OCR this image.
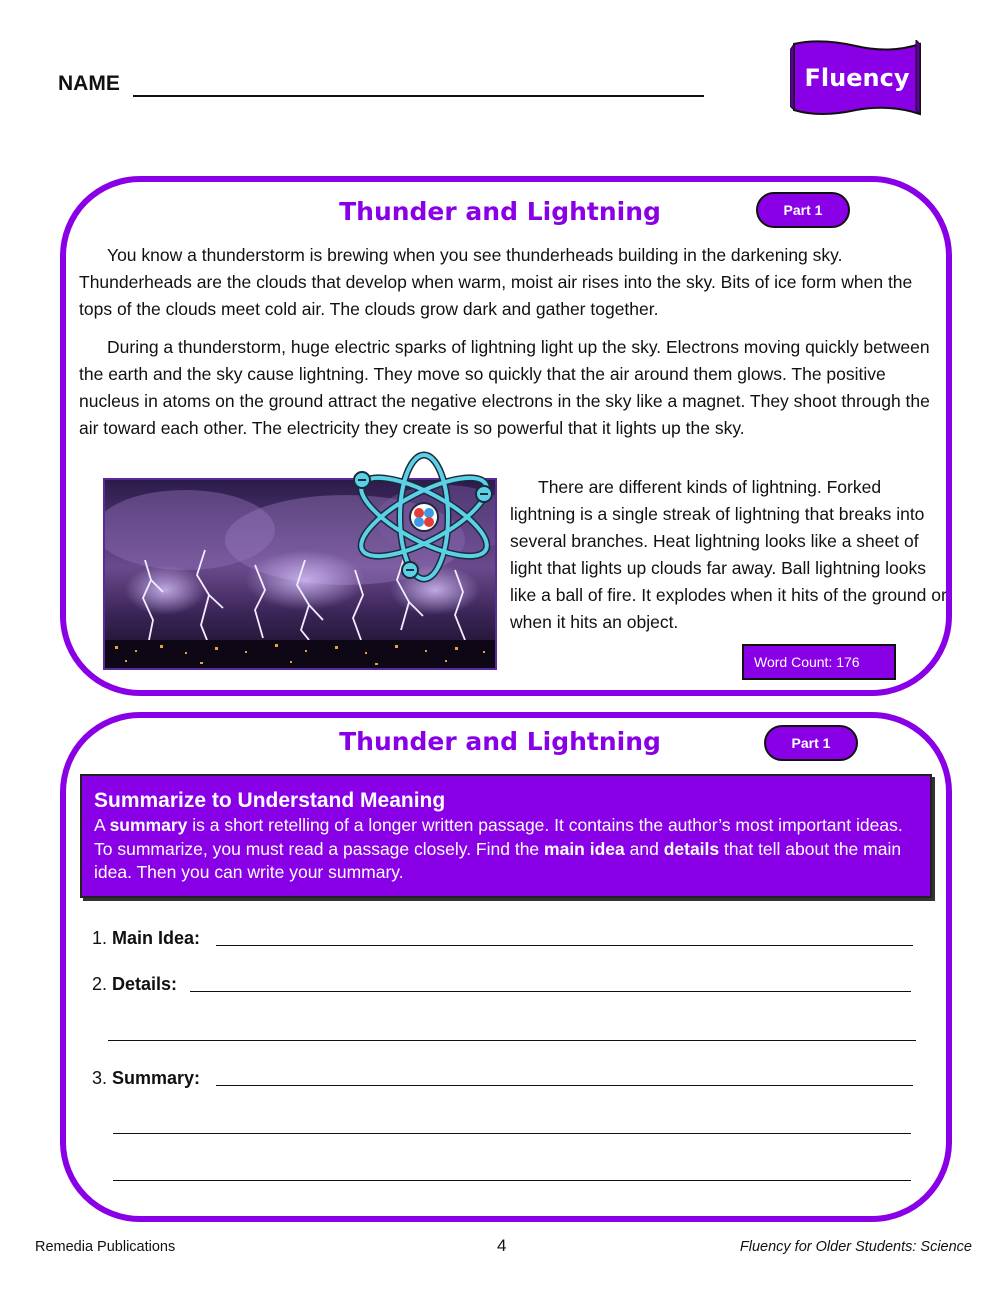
NAME	Fluency
Thunder and Lightning	Part 1
You know a thunderstorm is brewing when you see thunderheads building in the darkening sky. Thunderheads are the clouds that develop when warm, moist air rises into the sky. Bits of ice form when the tops of the clouds meet cold air. The clouds grow dark and gather together.
During a thunderstorm, huge electric sparks of lightning light up the sky. Electrons moving quickly between the earth and the sky cause lightning. They move so quickly that the air around them glows. The positive nucleus in atoms on the ground attract the negative electrons in the sky like a magnet. They shoot through the air toward each other. The electricity they create is so powerful that it lights up the sky.
There are different kinds of lightning. Forked lightning is a single streak of lightning that breaks into several branches. Heat lightning looks like a sheet of light that lights up clouds far away. Ball lightning looks like a ball of fire. It explodes when it hits of the ground or when it hits an object.
Word Count: 176
Thunder and Lightning	Part 1
Summarize to Understand Meaning
A summary is a short retelling of a longer written passage. It contains the author’s most important ideas. To summarize, you must read a passage closely. Find the main idea and details that tell about the main idea. Then you can write your summary.
1. Main Idea:
2. Details:
3. Summary:
Remedia Publications	4	Fluency for Older Students: Science
